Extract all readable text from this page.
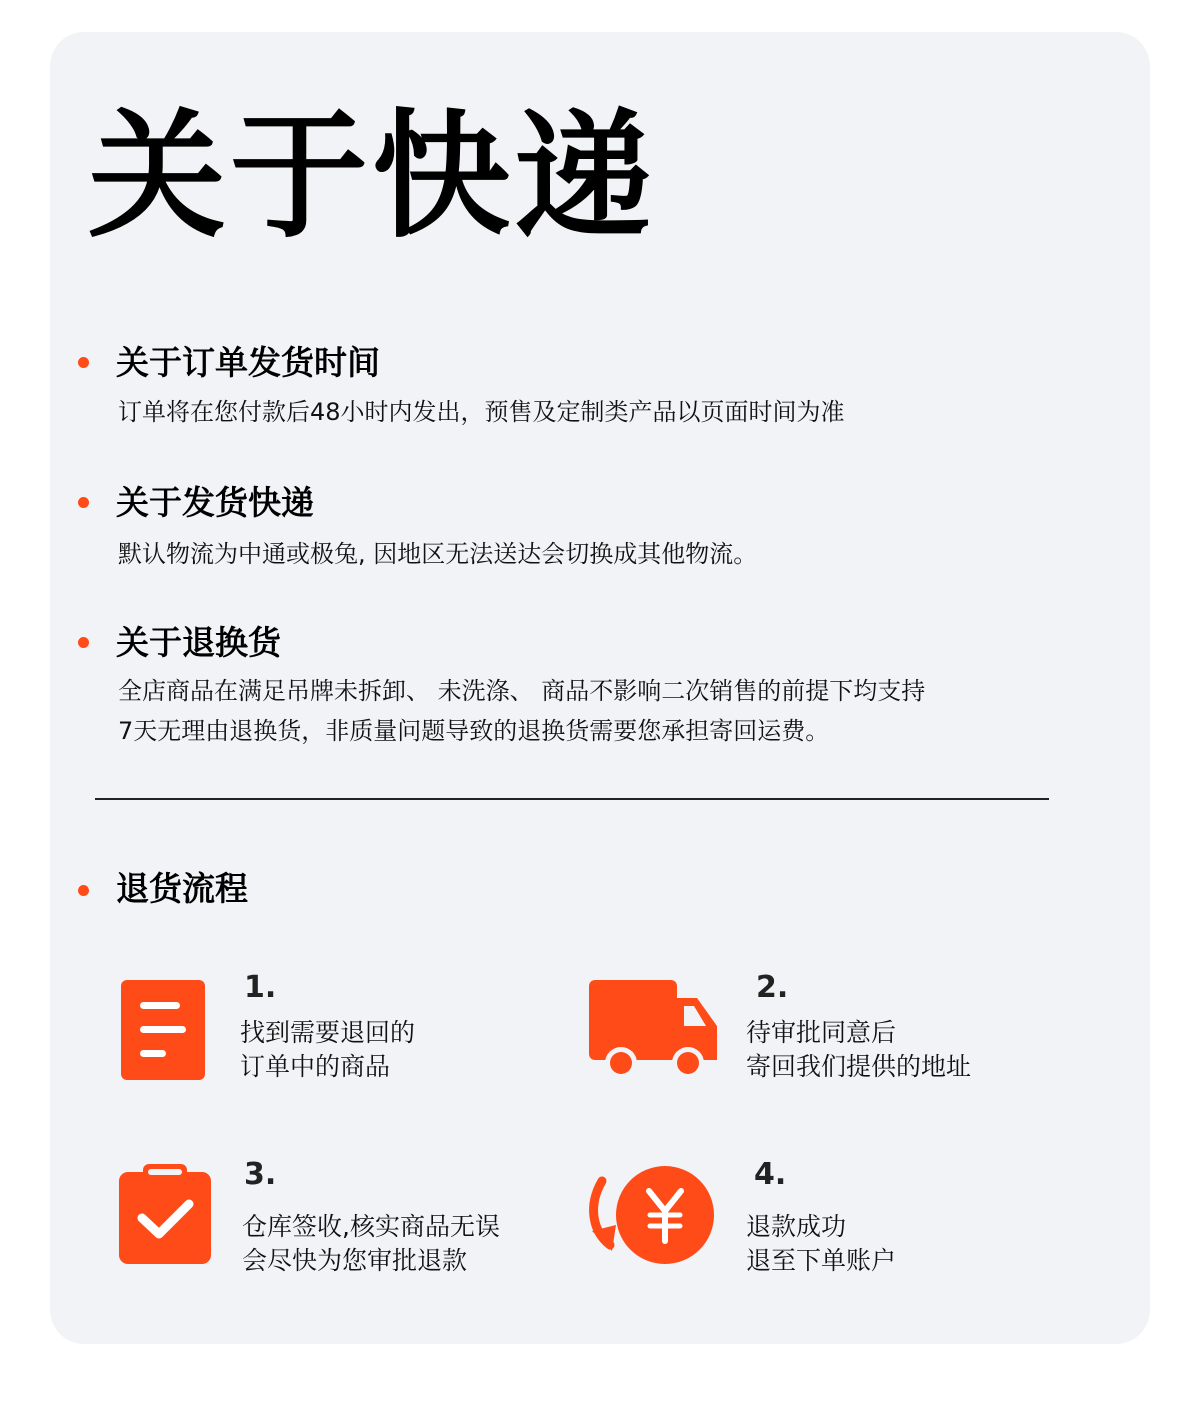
关于快递
关于订单发货时间
订单将在您付款后48小时内发出，预售及定制类产品以页面时间为准
关于发货快递
默认物流为中通或极兔, 因地区无法送达会切换成其他物流。
关于退换货
全店商品在满足吊牌未拆卸、 未洗涤、 商品不影响二次销售的前提下均支持
7天无理由退换货，非质量问题导致的退换货需要您承担寄回运费。
退货流程
1.
找到需要退回的
订单中的商品
2.
待审批同意后
寄回我们提供的地址
3.
仓库签收,核实商品无误
会尽快为您审批退款
4.
退款成功
退至下单账户
